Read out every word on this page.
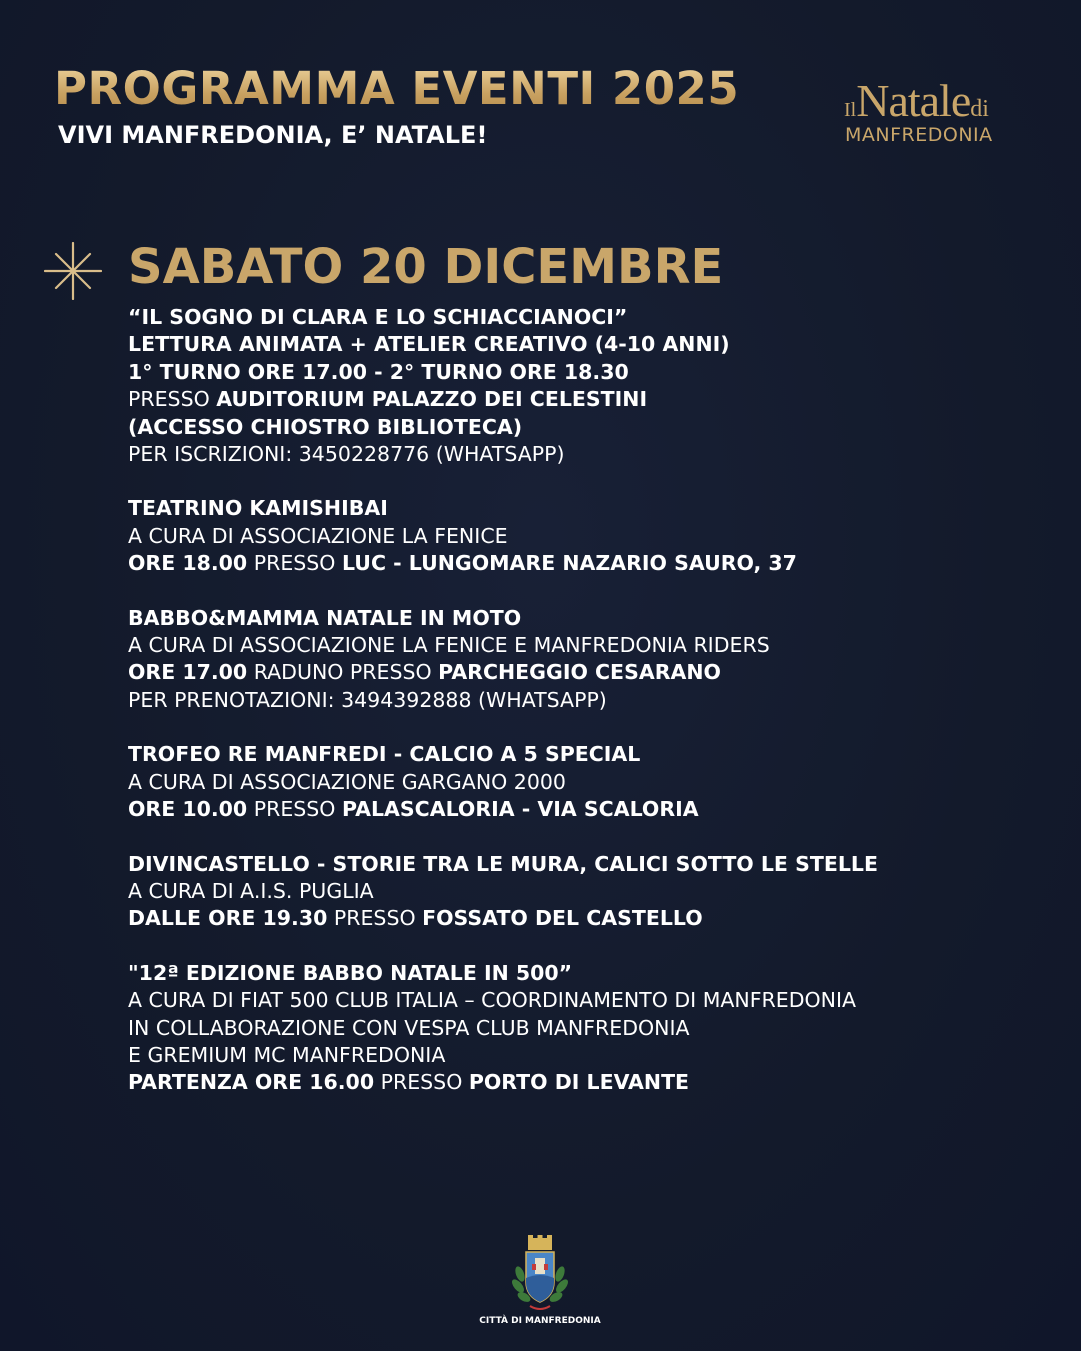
PROGRAMMA EVENTI 2025
VIVI MANFREDONIA, E’ NATALE!
IlNataledi
MANFREDONIA
SABATO 20 DICEMBRE
“IL SOGNO DI CLARA E LO SCHIACCIANOCI”
LETTURA ANIMATA + ATELIER CREATIVO (4-10 ANNI)
1° TURNO ORE 17.00 - 2° TURNO ORE 18.30
PRESSO AUDITORIUM PALAZZO DEI CELESTINI
(ACCESSO CHIOSTRO BIBLIOTECA)
PER ISCRIZIONI: 3450228776 (WHATSAPP)
TEATRINO KAMISHIBAI
A CURA DI ASSOCIAZIONE LA FENICE
ORE 18.00 PRESSO LUC - LUNGOMARE NAZARIO SAURO, 37
BABBO&MAMMA NATALE IN MOTO
A CURA DI ASSOCIAZIONE LA FENICE E MANFREDONIA RIDERS
ORE 17.00 RADUNO PRESSO PARCHEGGIO CESARANO
PER PRENOTAZIONI: 3494392888 (WHATSAPP)
TROFEO RE MANFREDI - CALCIO A 5 SPECIAL
A CURA DI ASSOCIAZIONE GARGANO 2000
ORE 10.00 PRESSO PALASCALORIA - VIA SCALORIA
DIVINCASTELLO - STORIE TRA LE MURA, CALICI SOTTO LE STELLE
A CURA DI A.I.S. PUGLIA
DALLE ORE 19.30 PRESSO FOSSATO DEL CASTELLO
"12ª EDIZIONE BABBO NATALE IN 500”
A CURA DI FIAT 500 CLUB ITALIA – COORDINAMENTO DI MANFREDONIA
IN COLLABORAZIONE CON VESPA CLUB MANFREDONIA
E GREMIUM MC MANFREDONIA
PARTENZA ORE 16.00 PRESSO PORTO DI LEVANTE
CITTÀ DI MANFREDONIA
